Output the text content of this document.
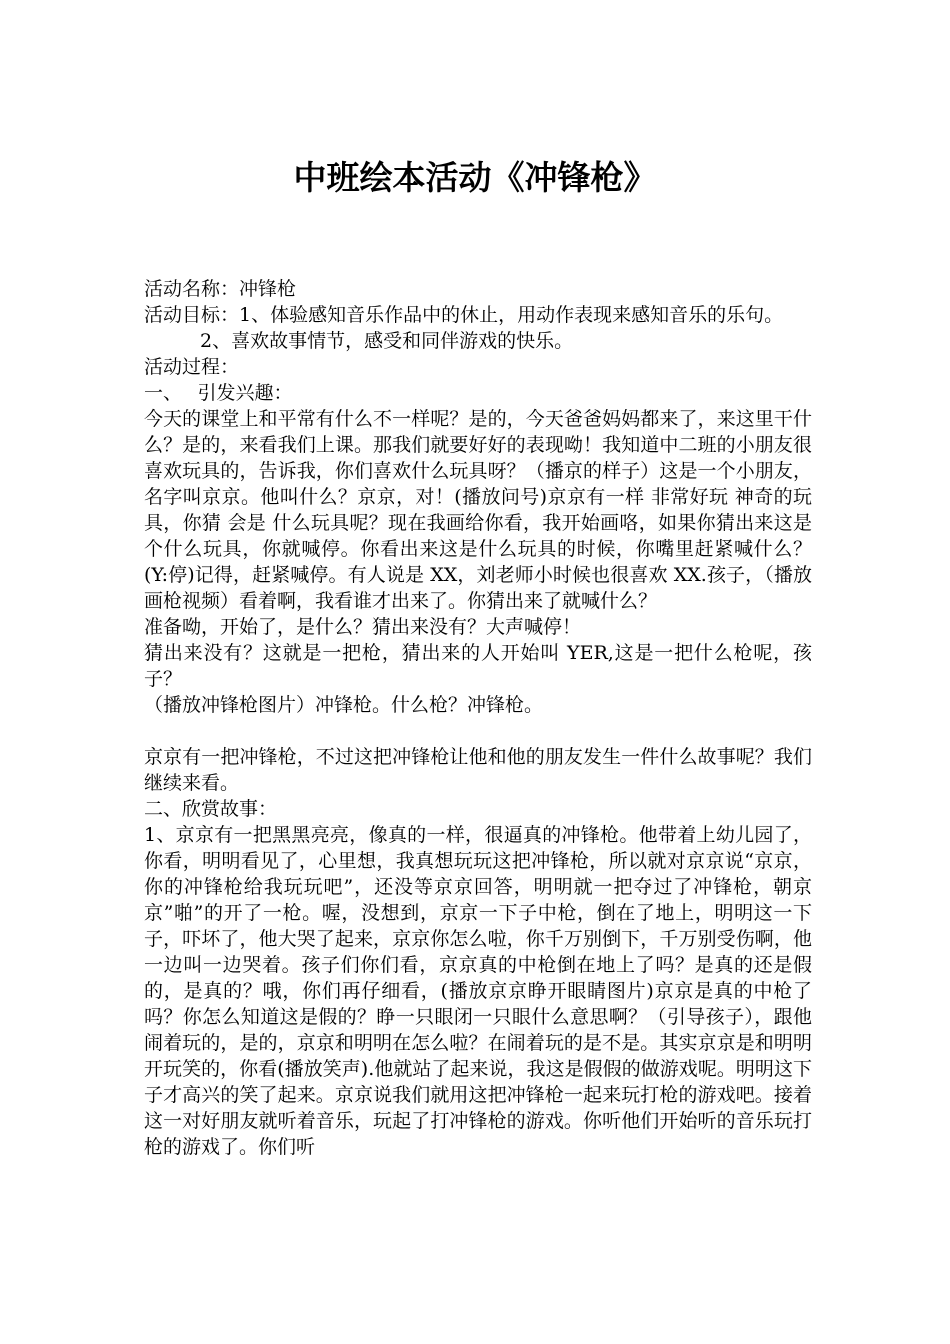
中班绘本活动《冲锋枪》

活动名称：冲锋枪

活动目标：1、体验感知音乐作品中的休止，用动作表现来感知音乐的乐句。

2、喜欢故事情节，感受和同伴游戏的快乐。

活动过程：

一、　 引发兴趣：

今天的课堂上和平常有什么不一样呢？是的，今天爸爸妈妈都来了，来这里干什么？是的，来看我们上课。那我们就要好好的表现呦！我知道中二班的小朋友很喜欢玩具的，告诉我，你们喜欢什么玩具呀？（播京的样子）这是一个小朋友，名字叫京京。他叫什么？京京，对！(播放问号)京京有一样 非常好玩 神奇的玩具，你猜 会是 什么玩具呢？现在我画给你看，我开始画咯，如果你猜出来这是个什么玩具，你就喊停。你看出来这是什么玩具的时候，你嘴里赶紧喊什么？(Y:停)记得，赶紧喊停。有人说是 XX，刘老师小时候也很喜欢 XX.孩子，（播放画枪视频）看着啊，我看谁才出来了。你猜出来了就喊什么？

准备呦，开始了，是什么？猜出来没有？大声喊停！

猜出来没有？这就是一把枪，猜出来的人开始叫 YER,这是一把什么枪呢，孩子？

（播放冲锋枪图片）冲锋枪。什么枪？冲锋枪。

京京有一把冲锋枪，不过这把冲锋枪让他和他的朋友发生一件什么故事呢？我们继续来看。

二、欣赏故事：

1、京京有一把黑黑亮亮，像真的一样，很逼真的冲锋枪。他带着上幼儿园了，你看，明明看见了，心里想，我真想玩玩这把冲锋枪，所以就对京京说“京京，你的冲锋枪给我玩玩吧”，还没等京京回答，明明就一把夺过了冲锋枪，朝京京”啪”的开了一枪。喔，没想到，京京一下子中枪，倒在了地上，明明这一下子，吓坏了，他大哭了起来，京京你怎么啦，你千万别倒下，千万别受伤啊，他一边叫一边哭着。孩子们你们看，京京真的中枪倒在地上了吗？是真的还是假的，是真的？哦，你们再仔细看，(播放京京睁开眼睛图片)京京是真的中枪了吗？你怎么知道这是假的？睁一只眼闭一只眼什么意思啊？（引导孩子），跟他闹着玩的，是的，京京和明明在怎么啦？在闹着玩的是不是。其实京京是和明明开玩笑的，你看(播放笑声).他就站了起来说，我这是假假的做游戏呢。明明这下子才高兴的笑了起来。京京说我们就用这把冲锋枪一起来玩打枪的游戏吧。接着这一对好朋友就听着音乐，玩起了打冲锋枪的游戏。你听他们开始听的音乐玩打枪的游戏了。你们听
